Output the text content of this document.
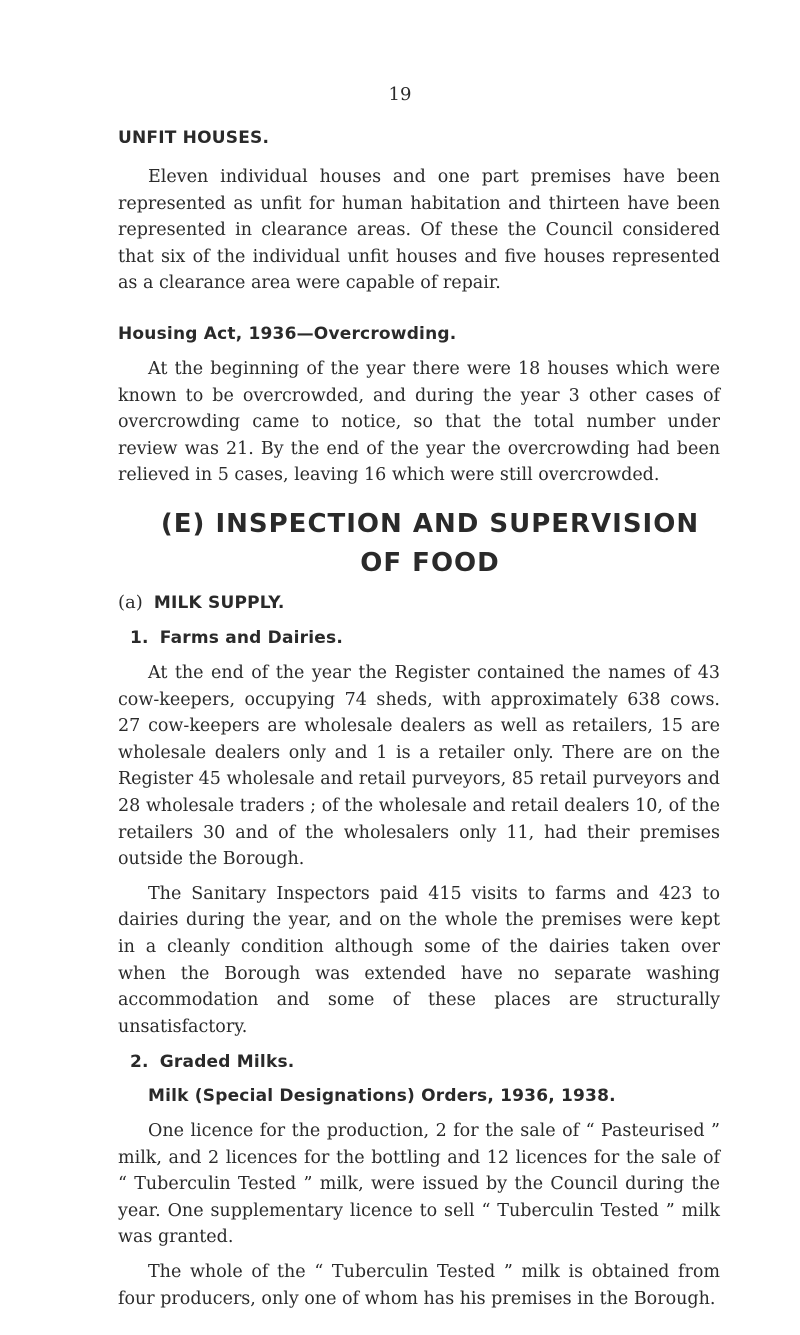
19
UNFIT HOUSES.

Eleven individual houses and one part premises have been represented as unfit for human habitation and thirteen have been represented in clearance areas. Of these the Council considered that six of the individual unfit houses and five houses represented as a clearance area were capable of repair.

Housing Act, 1936—Overcrowding.

At the beginning of the year there were 18 houses which were known to be overcrowded, and during the year 3 other cases of overcrowding came to notice, so that the total number under review was 21. By the end of the year the overcrowding had been relieved in 5 cases, leaving 16 which were still overcrowded.

(E) INSPECTION AND SUPERVISION
OF FOOD
(a) MILK SUPPLY.
1. Farms and Dairies.

At the end of the year the Register contained the names of 43 cow-keepers, occupying 74 sheds, with approximately 638 cows. 27 cow-keepers are wholesale dealers as well as retailers, 15 are wholesale dealers only and 1 is a retailer only. There are on the Register 45 wholesale and retail purveyors, 85 retail purveyors and 28 wholesale traders ; of the wholesale and retail dealers 10, of the retailers 30 and of the wholesalers only 11, had their premises outside the Borough.

The Sanitary Inspectors paid 415 visits to farms and 423 to dairies during the year, and on the whole the premises were kept in a cleanly condition although some of the dairies taken over when the Borough was extended have no separate washing accommodation and some of these places are structurally unsatisfactory.

2. Graded Milks.
Milk (Special Designations) Orders, 1936, 1938.

One licence for the production, 2 for the sale of “ Pasteurised ” milk, and 2 licences for the bottling and 12 licences for the sale of “ Tuberculin Tested ” milk, were issued by the Council during the year. One supplementary licence to sell “ Tuberculin Tested ” milk was granted.

The whole of the “ Tuberculin Tested ” milk is obtained from four producers, only one of whom has his premises in the Borough.
